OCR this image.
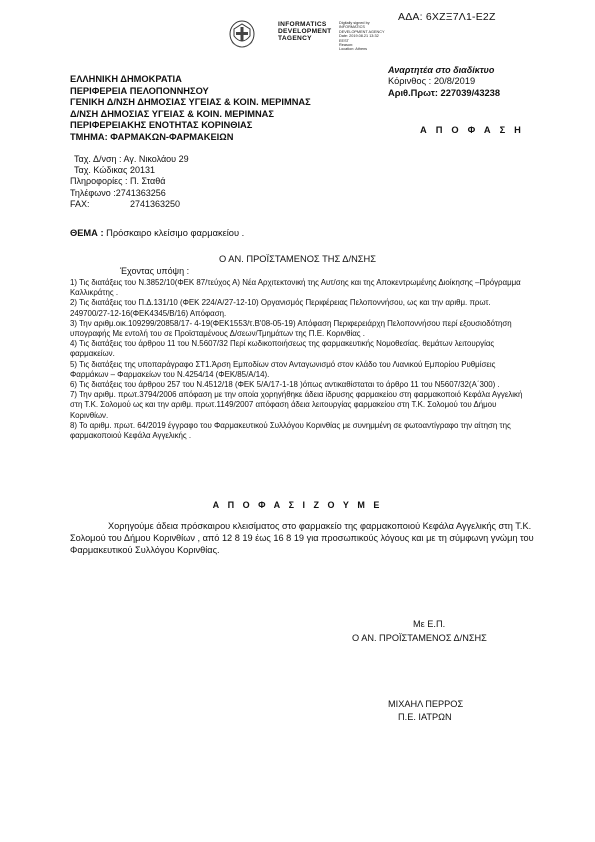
ΑΔΑ: 6ΧΖΞ7Λ1-Ε2Ζ
INFORMATICS
DEVELOPMENT
TAGENCY
Digitally signed by
INFORMATICS
DEVELOPMENT AGENCY
Date: 2019.08.21 13:32
EEST
Reason:
Location: Athens
Αναρτητέα στο διαδίκτυο
ΕΛΛΗΝΙΚΗ ΔΗΜΟΚΡΑΤΙΑ
ΠΕΡΙΦΕΡΕΙΑ ΠΕΛΟΠΟΝΝΗΣΟΥ
ΓΕΝΙΚΗ Δ/ΝΣΗ ΔΗΜΟΣΙΑΣ ΥΓΕΙΑΣ & ΚΟΙΝ. ΜΕΡΙΜΝΑΣ
Δ/ΝΣΗ ΔΗΜΟΣΙΑΣ ΥΓΕΙΑΣ & ΚΟΙΝ. ΜΕΡΙΜΝΑΣ
ΠΕΡΙΦΕΡΕΙΑΚΗΣ ΕΝΟΤΗΤΑΣ ΚΟΡΙΝΘΙΑΣ
ΤΜΗΜΑ: ΦΑΡΜΑΚΩΝ-ΦΑΡΜΑΚΕΙΩΝ
Κόρινθος : 20/8/2019
Αριθ.Πρωτ: 227039/43238
Α Π Ο Φ Α Σ Η
Ταχ. Δ/νση : Αγ. Νικολάου 29
Ταχ. Κώδικας :
20131
Πληροφορίες : Π. Σταθά
Τηλέφωνο :2741363256
FAX:	2741363250
ΘΕΜΑ : Πρόσκαιρο κλείσιμο φαρμακείου .
Ο ΑΝ. ΠΡΟΪΣΤΑΜΕΝΟΣ ΤΗΣ Δ/ΝΣΗΣ
Έχοντας υπόψη :

1) Τις διατάξεις του Ν.3852/10(ΦΕΚ 87/τεύχος Α) Νέα Αρχιτεκτονική της Αυτ/σης και της Αποκεντρωμένης Διοίκησης –Πρόγραμμα Καλλικράτης .

2) Τις διατάξεις του Π.Δ.131/10 (ΦΕΚ 224/Α/27-12-10) Οργανισμός Περιφέρειας Πελοποννήσου, ως και την αριθμ. πρωτ. 249700/27-12-16(ΦΕΚ4345/Β/16) Απόφαση.

3) Την αριθμ.οικ.109299/20858/17- 4-19(ΦΕΚ1553/τ.Β'08-05-19) Απόφαση Περιφερειάρχη Πελοποννήσου περί εξουσιοδότηση υπογραφής Με εντολή του σε Προϊσταμένους Δ/σεων/Τμημάτων της Π.Ε. Κορινθίας .

4) Τις διατάξεις του άρθρου 11 του Ν.5607/32 Περί κωδικοποιήσεως της φαρμακευτικής Νομοθεσίας. θεμάτων λειτουργίας φαρμακείων.

5) Τις διατάξεις της υποπαράγραφο ΣΤ1.Άρση Εμποδίων στον Ανταγωνισμό στον κλάδο του Λιανικού Εμπορίου Ρυθμίσεις Φαρμάκων – Φαρμακείων του Ν.4254/14 (ΦΕΚ/85/Α/14).

6) Τις διατάξεις του άρθρου 257 του Ν.4512/18 (ΦΕΚ 5/Α/17-1-18 )όπως αντικαθίσταται το άρθρο 11 του Ν5607/32(Α΄300) .

7) Την αριθμ. πρωτ.3794/2006 απόφαση με την οποία χορηγήθηκε άδεια ίδρυσης φαρμακείου στη φαρμακοποιό Κεφάλα Αγγελική στη Τ.Κ. Σολομού ως και την αριθμ. πρωτ.1149/2007 απόφαση άδεια λειτουργίας φαρμακείου στη Τ.Κ. Σολομού του Δήμου Κορινθίων.

8) Το αριθμ. πρωτ. 64/2019 έγγραφο του Φαρμακευτικού Συλλόγου Κορινθίας με συνημμένη σε φωτοαντίγραφο την αίτηση της φαρμακοποιού Κεφάλα Αγγελικής .

Α Π Ο Φ Α Σ Ι Ζ Ο Υ Μ Ε
Χορηγούμε άδεια πρόσκαιρου κλεισίματος στο φαρμακείο της φαρμακοποιού Κεφάλα Αγγελικής στη Τ.Κ. Σολομού του Δήμου Κορινθίων , από 12 8 19 έως 16 8 19 για προσωπικούς λόγους και με τη σύμφωνη γνώμη του Φαρμακευτικού Συλλόγου Κορινθίας.
Με Ε.Π.
Ο ΑΝ. ΠΡΟΪΣΤΑΜΕΝΟΣ Δ/ΝΣΗΣ
ΜΙΧΑΗΛ ΠΕΡΡΟΣ
Π.Ε. ΙΑΤΡΩΝ
